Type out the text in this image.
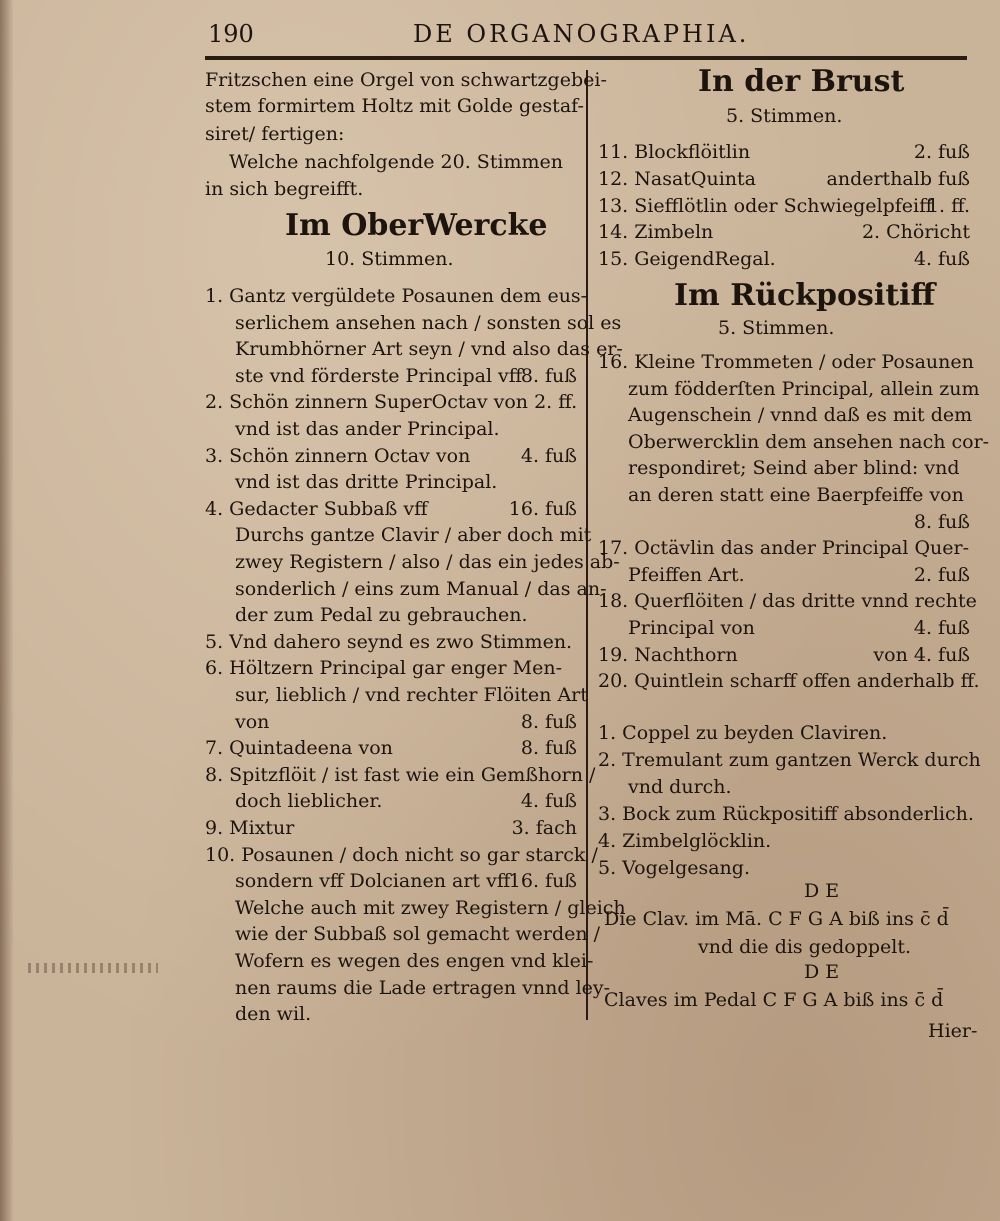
190	DE ORGANOGRAPHIA.
Fritzschen eine Orgel von schwartzgebei-
stem formirtem Holtz mit Golde gestaf-
siret/ fertigen:
Welche nachfolgende 20. Stimmen
in sich begreifft.
Im OberWercke
10. Stimmen.
1. Gantz vergüldete Posaunen dem eus-
serlichem ansehen nach / sonsten sol es
Krumbhörner Art seyn / vnd also das er-
ste vnd förderste Principal vff
8. fuß
2. Schön zinnern SuperOctav von 2. ff.
vnd ist das ander Principal.
3. Schön zinnern Octav von	4. fuß
vnd ist das dritte Principal.
4. Gedacter Subbaß vff	16. fuß
Durchs gantze Clavir / aber doch mit
zwey Registern / also / das ein jedes ab-
sonderlich / eins zum Manual / das an-
der zum Pedal zu gebrauchen.
5. Vnd dahero seynd es zwo Stimmen.
6. Höltzern Principal gar enger Men-
sur, lieblich / vnd rechter Flöiten Art
von	8. fuß
7. Quintadeena von	8. fuß
8. Spitzflöit / ist fast wie ein Gemßhorn /
doch lieblicher.	4. fuß
9. Mixtur	3. fach
10. Posaunen / doch nicht so gar starck /
sondern vff Dolcianen art vff
16. fuß
Welche auch mit zwey Registern / gleich
wie der Subbaß sol gemacht werden /
Wofern es wegen des engen vnd klei-
nen raums die Lade ertragen vnnd ley-
den wil.
In der Brust
5. Stimmen.
11. Blockflöitlin	2. fuß
12. NasatQuinta	anderthalb fuß
13. Siefflötlin oder Schwiegelpfeiff
1. ff.
14. Zimbeln	2. Chöricht
15. GeigendRegal.	4. fuß
Im Rückpositiff
5. Stimmen.
16. Kleine Trommeten / oder Posaunen
zum födderſten Principal, allein zum
Augenschein / vnnd daß es mit dem
Oberwercklin dem ansehen nach cor-
respondiret; Seind aber blind: vnd
an deren statt eine Baerpfeiffe von
8. fuß
17. Octävlin das ander Principal Quer-
Pfeiffen Art.	2. fuß
18. Querflöiten / das dritte vnnd rechte
Principal von	4. fuß
19. Nachthorn	von 4. fuß
20. Quintlein scharff offen anderhalb ff.
1. Coppel zu beyden Claviren.
2. Tremulant zum gantzen Werck durch
vnd durch.
3. Bock zum Rückpositiff absonderlich.
4. Zimbelglöcklin.
5. Vogelgesang.
D E
Die Clav. im Mā. C F G A biß ins c̄ d̄
vnd die dis gedoppelt.
D E
Claves im Pedal C F G A biß ins c̄ d̄
Hier-
